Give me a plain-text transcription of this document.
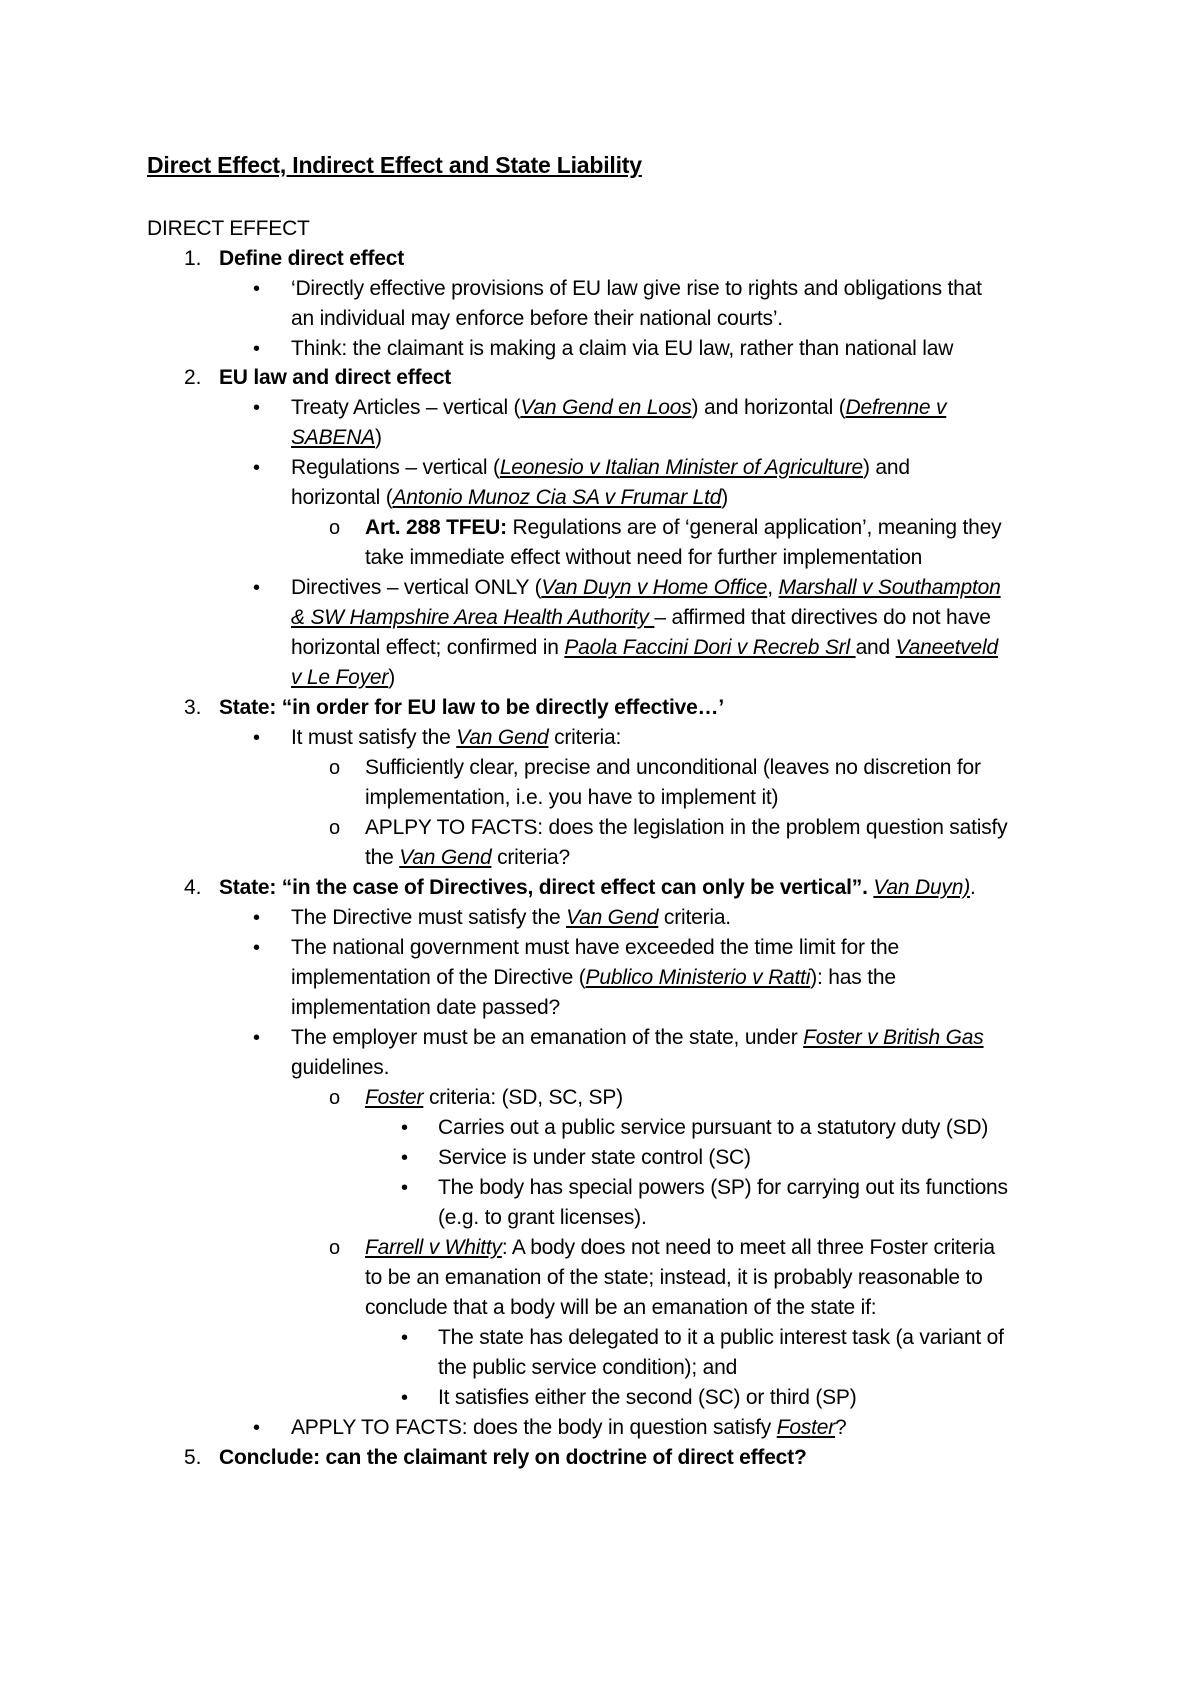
Direct Effect, Indirect Effect and State Liability
DIRECT EFFECT
1. Define direct effect
•
‘Directly effective provisions of EU law give rise to rights and obligations that
an individual may enforce before their national courts’.
•
Think: the claimant is making a claim via EU law, rather than national law
2. EU law and direct effect
•
Treaty Articles – vertical (Van Gend en Loos) and horizontal (Defrenne v
SABENA)
•
Regulations – vertical (Leonesio v Italian Minister of Agriculture) and
horizontal (Antonio Munoz Cia SA v Frumar Ltd)
o Art. 288 TFEU: Regulations are of ‘general application’, meaning they
take immediate effect without need for further implementation
•
Directives – vertical ONLY (Van Duyn v Home Office, Marshall v Southampton
& SW Hampshire Area Health Authority – affirmed that directives do not have
horizontal effect; confirmed in Paola Faccini Dori v Recreb Srl and Vaneetveld
v Le Foyer)
3. State: “in order for EU law to be directly effective…’
•
It must satisfy the Van Gend criteria:
o Sufficiently clear, precise and unconditional (leaves no discretion for
implementation, i.e. you have to implement it)
o APLPY TO FACTS: does the legislation in the problem question satisfy
the Van Gend criteria?
4. State: “in the case of Directives, direct effect can only be vertical”. Van Duyn).
•
The Directive must satisfy the Van Gend criteria.
•
The national government must have exceeded the time limit for the
implementation of the Directive (Publico Ministerio v Ratti): has the
implementation date passed?
•
The employer must be an emanation of the state, under Foster v British Gas
guidelines.
o Foster criteria: (SD, SC, SP)
•
Carries out a public service pursuant to a statutory duty (SD)
•
Service is under state control (SC)
•
The body has special powers (SP) for carrying out its functions
(e.g. to grant licenses).
o Farrell v Whitty: A body does not need to meet all three Foster criteria
to be an emanation of the state; instead, it is probably reasonable to
conclude that a body will be an emanation of the state if:
•
The state has delegated to it a public interest task (a variant of
the public service condition); and
•
It satisfies either the second (SC) or third (SP)
•
APPLY TO FACTS: does the body in question satisfy Foster?
5. Conclude: can the claimant rely on doctrine of direct effect?
